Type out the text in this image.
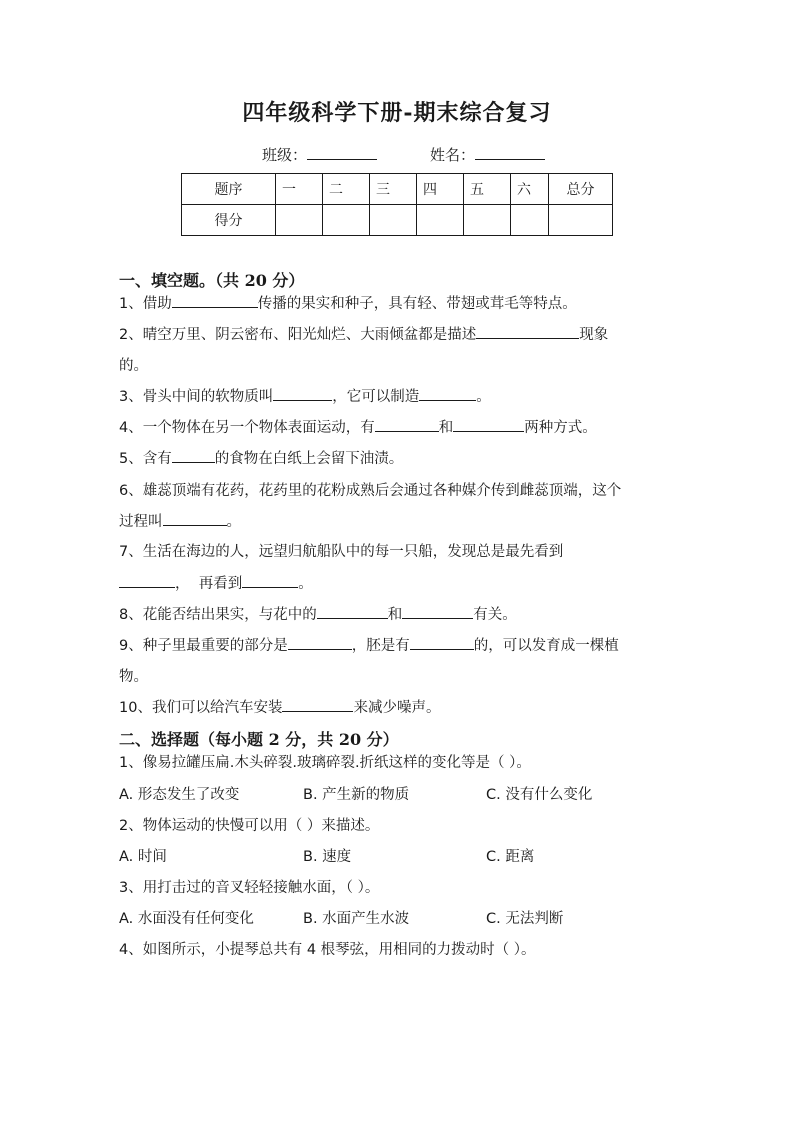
四年级科学下册-期末综合复习
班级：	姓名：
题序	一	二	三	四	五	六	总分
得分							
一、填空题。（共 20 分）
1、借助	传播的果实和种子，具有轻、带翅或茸毛等特点。
2、晴空万里、阴云密布、阳光灿烂、大雨倾盆都是描述	现象
的。
3、骨头中间的软物质叫	，它可以制造	。
4、一个物体在另一个物体表面运动，有	和	两种方式。
5、含有	的食物在白纸上会留下油渍。
6、雄蕊顶端有花药，花药里的花粉成熟后会通过各种媒介传到雌蕊顶端，这个
过程叫	。
7、生活在海边的人，远望归航船队中的每一只船，发现总是最先看到
，  再看到	。
8、花能否结出果实，与花中的	和	有关。
9、种子里最重要的部分是	，胚是有	的，可以发育成一棵植
物。
10、我们可以给汽车安装	来减少噪声。
二、选择题（每小题 2 分，共 20 分）
1、像易拉罐压扁.木头碎裂.玻璃碎裂.折纸这样的变化等是（ ）。
A. 形态发生了改变	B. 产生新的物质	C. 没有什么变化
2、物体运动的快慢可以用（ ）来描述。
A. 时间	B. 速度	C. 距离
3、用打击过的音叉轻轻接触水面，（ ）。
A. 水面没有任何变化	B. 水面产生水波	C. 无法判断
4、如图所示，小提琴总共有 4 根琴弦，用相同的力拨动时（ ）。
